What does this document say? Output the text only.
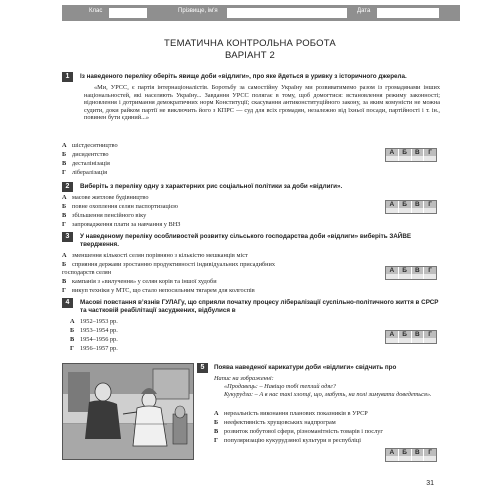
Клас	Прізвище, ім'я	Дата
ТЕМАТИЧНА КОНТРОЛЬНА РОБОТА
ВАРІАНТ 2
1	Із наведеного переліку оберіть явище доби «відлиги», про яке йдеться в уривку з історичного джерела.
«Ми, УРСС, є партія інтернаціоналістів. Боротьбу за самостійну Україну ми розвиватимемо разом із громадянами інших національностей, які населяють Україну... Завдання УРСС полягає в тому, щоб домогтися: встановлення режиму законності; відновлення і дотримання демократичних норм Конституції; скасування антиконституційного закону, за яким комуністи не можна судити, доки райком партії не виключить його з КПРС — суд для всіх громадян, незалежно від їхньої посади, партійності і т. ін., повинен бути єдиний...»
А шістдесятництво
Б дисидентство
В десталінізація
Г лібералізація
А	Б	В	Г
2	Виберіть з переліку одну з характерних рис соціальної політики за доби «відлиги».
А масове житлове будівництво
Б повне охоплення селян паспортизацією
В збільшення пенсійного віку
Г запровадження плати за навчання у ВНЗ
А	Б	В	Г
3	У наведеному переліку особливостей розвитку сільського господарства доби «відлиги» виберіть ЗАЙВЕ твердження.
А зменшення кількості селян порівняно з кількістю мешканців міст
Б сприяння держави зростанню продуктивності індивідуальних присадибних господарств селян
В кампанія з «вилучення» у селян корів та іншої худоби
Г викуп техніки у МТС, що стало непосильним тягарем для колгоспів
А	Б	В	Г
4	Масові повстання в’язнів ГУЛАГу, що сприяли початку процесу лібералізації суспільно-політичного життя в СРСР та частковій реабілітації засуджених, відбулися в
А 1952–1953 рр.
Б 1953–1954 рр.
В 1954–1956 рр.
Г 1956–1957 рр.
А	Б	В	Г
5	Поява наведеної карикатури доби «відлиги» свідчить про
Напис на зображенні:
«Продавець: – Навіщо тобі теплий одяг?
Кукурудза: – А в нас такі хлопці, що, мабуть, на полі зимувати доведеться».
А нереальність виконання планових показників в УРСР
Б неефективність хрущовських надпрограм
В розвиток побутової сфери, різноманітність товарів і послуг
Г популяризацію кукурудзяної культури в республіці
А	Б	В	Г
31
